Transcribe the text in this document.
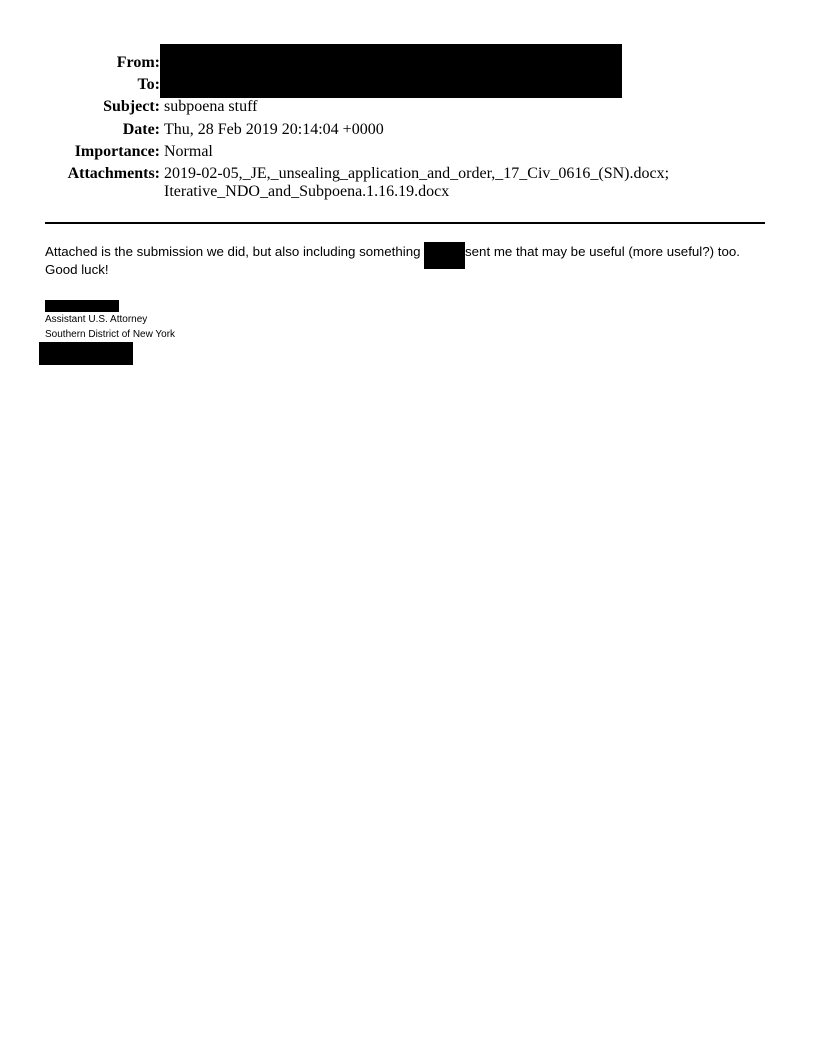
From:
To:
Subject:
Date:
Importance:
Attachments:
subpoena stuff
Thu, 28 Feb 2019 20:14:04 +0000
Normal
2019-02-05,_JE,_unsealing_application_and_order,_17_Civ_0616_(SN).docx;
Iterative_NDO_and_Subpoena.1.16.19.docx
Attached is the submission we did, but also including something	sent me that may be useful (more useful?) too.
Good luck!
Assistant U.S. Attorney
Southern District of New York
